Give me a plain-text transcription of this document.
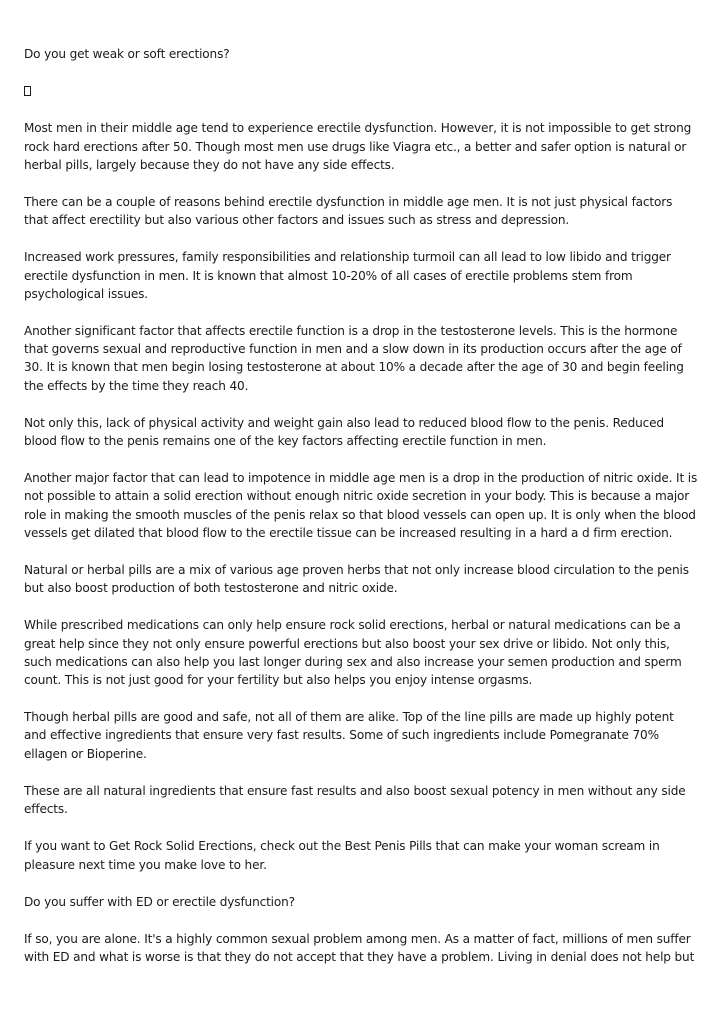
Do you get weak or soft erections?

Most men in their middle age tend to experience erectile dysfunction. However, it is not impossible to get strong rock hard erections after 50. Though most men use drugs like Viagra etc., a better and safer option is natural or herbal pills, largely because they do not have any side effects.

There can be a couple of reasons behind erectile dysfunction in middle age men. It is not just physical factors that affect erectility but also various other factors and issues such as stress and depression.

Increased work pressures, family responsibilities and relationship turmoil can all lead to low libido and trigger erectile dysfunction in men. It is known that almost 10-20% of all cases of erectile problems stem from psychological issues.

Another significant factor that affects erectile function is a drop in the testosterone levels. This is the hormone that governs sexual and reproductive function in men and a slow down in its production occurs after the age of 30. It is known that men begin losing testosterone at about 10% a decade after the age of 30 and begin feeling the effects by the time they reach 40.

Not only this, lack of physical activity and weight gain also lead to reduced blood flow to the penis. Reduced blood flow to the penis remains one of the key factors affecting erectile function in men.

Another major factor that can lead to impotence in middle age men is a drop in the production of nitric oxide. It is not possible to attain a solid erection without enough nitric oxide secretion in your body. This is because a major role in making the smooth muscles of the penis relax so that blood vessels can open up. It is only when the blood vessels get dilated that blood flow to the erectile tissue can be increased resulting in a hard a d firm erection.

Natural or herbal pills are a mix of various age proven herbs that not only increase blood circulation to the penis but also boost production of both testosterone and nitric oxide.

While prescribed medications can only help ensure rock solid erections, herbal or natural medications can be a great help since they not only ensure powerful erections but also boost your sex drive or libido. Not only this, such medications can also help you last longer during sex and also increase your semen production and sperm count. This is not just good for your fertility but also helps you enjoy intense orgasms.

Though herbal pills are good and safe, not all of them are alike. Top of the line pills are made up highly potent and effective ingredients that ensure very fast results. Some of such ingredients include Pomegranate 70% ellagen or Bioperine.

These are all natural ingredients that ensure fast results and also boost sexual potency in men without any side effects.

If you want to Get Rock Solid Erections, check out the Best Penis Pills that can make your woman scream in pleasure next time you make love to her.

Do you suffer with ED or erectile dysfunction?

If so, you are alone. It's a highly common sexual problem among men. As a matter of fact, millions of men suffer with ED and what is worse is that they do not accept that they have a problem. Living in denial does not help but
